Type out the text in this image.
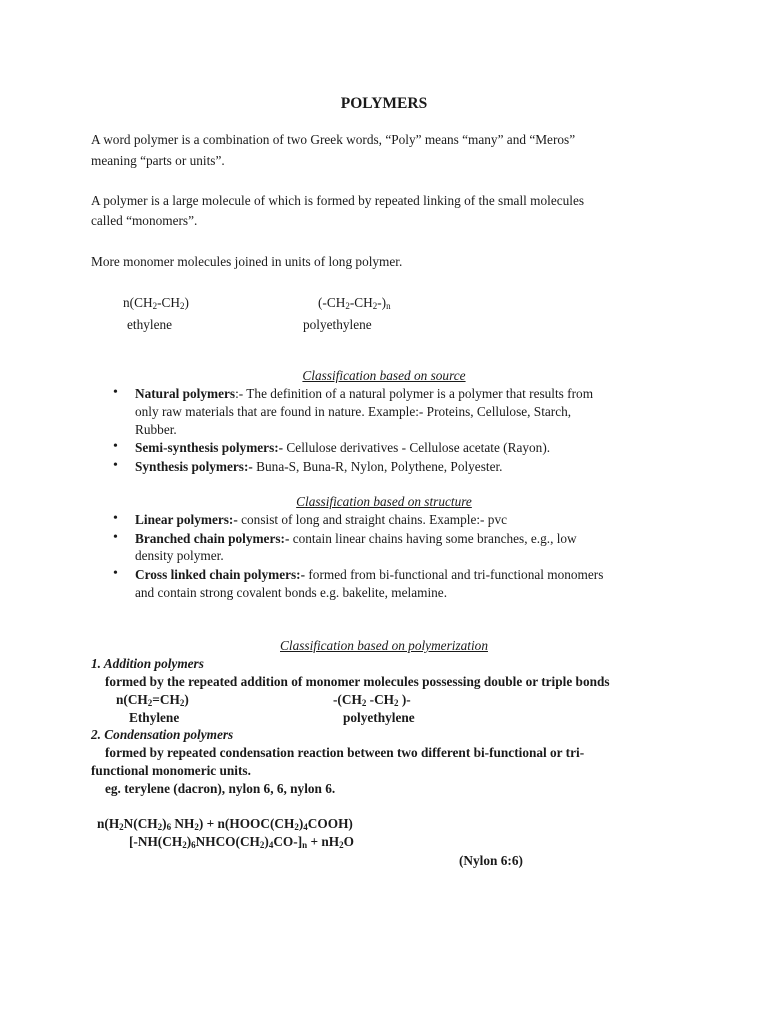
POLYMERS
A word polymer is a combination of two Greek words, “Poly” means “many” and “Meros”
meaning “parts or units”.
A polymer is a large molecule of which is formed by repeated linking of the small molecules
called “monomers”.
More monomer molecules joined in units of long polymer.
$n(CH_2-CH_2)$	$(-CH_2-CH_2-)_n$
ethylene	polyethylene
Classification based on source
• Natural polymers:- The definition of a natural polymer is a polymer that results from
only raw materials that are found in nature. Example:- Proteins, Cellulose, Starch,
Rubber.
• Semi-synthesis polymers:- Cellulose derivatives - Cellulose acetate (Rayon).
• Synthesis polymers:- Buna-S, Buna-R, Nylon, Polythene, Polyester.
Classification based on structure
• Linear polymers:- consist of long and straight chains. Example:- pvc
• Branched chain polymers:- contain linear chains having some branches, e.g., low
density polymer.
• Cross linked chain polymers:- formed from bi-functional and tri-functional monomers
and contain strong covalent bonds e.g. bakelite, melamine.
Classification based on polymerization
1. Addition polymers
formed by the repeated addition of monomer molecules possessing double or triple bonds
$n(CH_2=CH_2)$	$-(CH_2$ $-CH_2$ )-
Ethylene	polyethylene
2. Condensation polymers
formed by repeated condensation reaction between two different bi-functional or tri-
functional monomeric units.
eg. terylene (dacron), nylon 6, 6, nylon 6.
$n(H_2N(CH_2)_6$ $NH_2$) + $n(HOOC(CH_2)_4COOH)$
$[-NH(CH_2)_6NHCO(CH_2)_4CO-]_n + nH_2O$
(Nylon 6:6)
